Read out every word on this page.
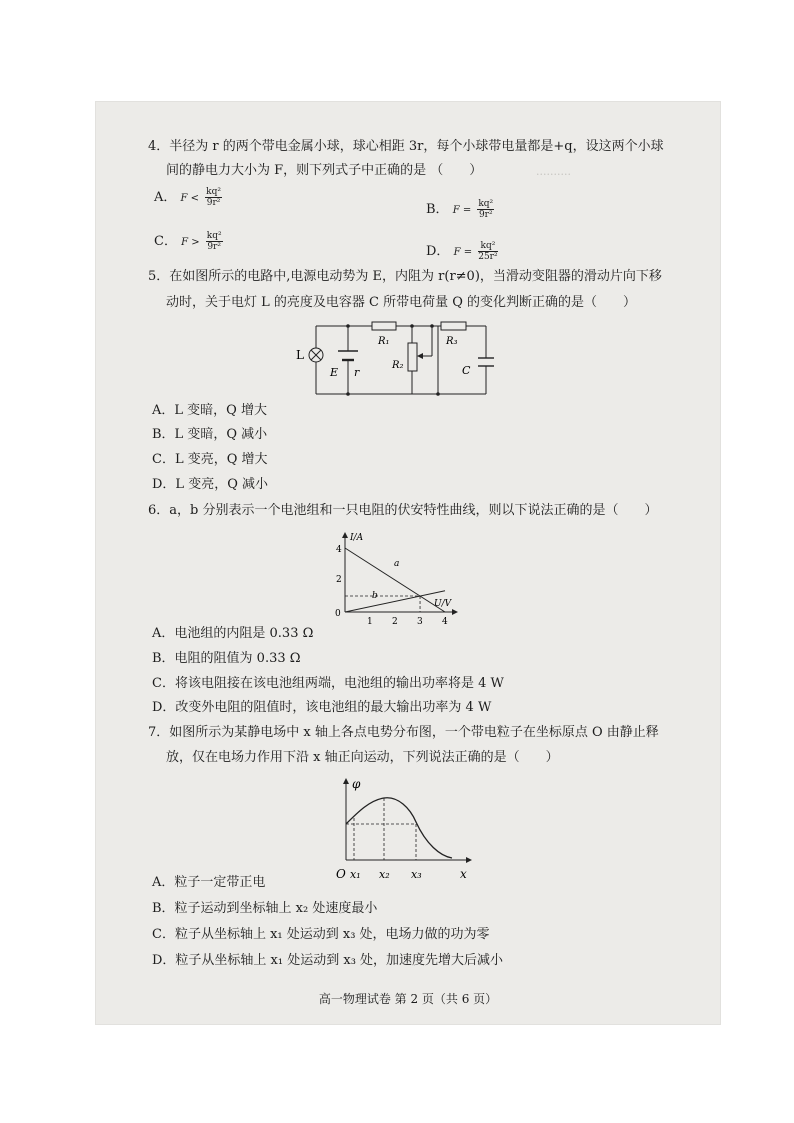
··········
4．半径为 r 的两个带电金属小球，球心相距 3r，每个小球带电量都是+q，设这两个小球
间的静电力大小为 F，则下列式子中正确的是 （　　）
A． $F < \frac{\text{kq²}}{\text{9r²}}$
B． $F = \frac{\text{kq²}}{\text{9r²}}$
C． $F > \frac{\text{kq²}}{\text{9r²}}$	D． $F = \frac{\text{kq²}}{\text{25r²}}$
5．在如图所示的电路中,电源电动势为 E，内阻为 r(r≠0)，当滑动变阻器的滑动片向下移
动时，关于电灯 L 的亮度及电容器 C 所带电荷量 Q 的变化判断正确的是（　　）
L
E r
R₁
R₂
R₃
C
A．L 变暗，Q 增大
B．L 变暗，Q 减小
C．L 变亮，Q 增大
D．L 变亮，Q 减小
6．a，b 分别表示一个电池组和一只电阻的伏安特性曲线，则以下说法正确的是（　　）
I/A
U/V
0
4
2
1 2 3 4
a
b
A．电池组的内阻是 0.33 Ω
B．电阻的阻值为 0.33 Ω
C．将该电阻接在该电池组两端，电池组的输出功率将是 4 W
D．改变外电阻的阻值时，该电池组的最大输出功率为 4 W
7．如图所示为某静电场中 x 轴上各点电势分布图，一个带电粒子在坐标原点 O 由静止释
放，仅在电场力作用下沿 x 轴正向运动，下列说法正确的是（　　）
φ
x
O x₁ x₂ x₃
A．粒子一定带正电
B．粒子运动到坐标轴上 x₂ 处速度最小
C．粒子从坐标轴上 x₁ 处运动到 x₃ 处，电场力做的功为零
D．粒子从坐标轴上 x₁ 处运动到 x₃ 处，加速度先增大后减小
高一物理试卷 第 2 页（共 6 页）
